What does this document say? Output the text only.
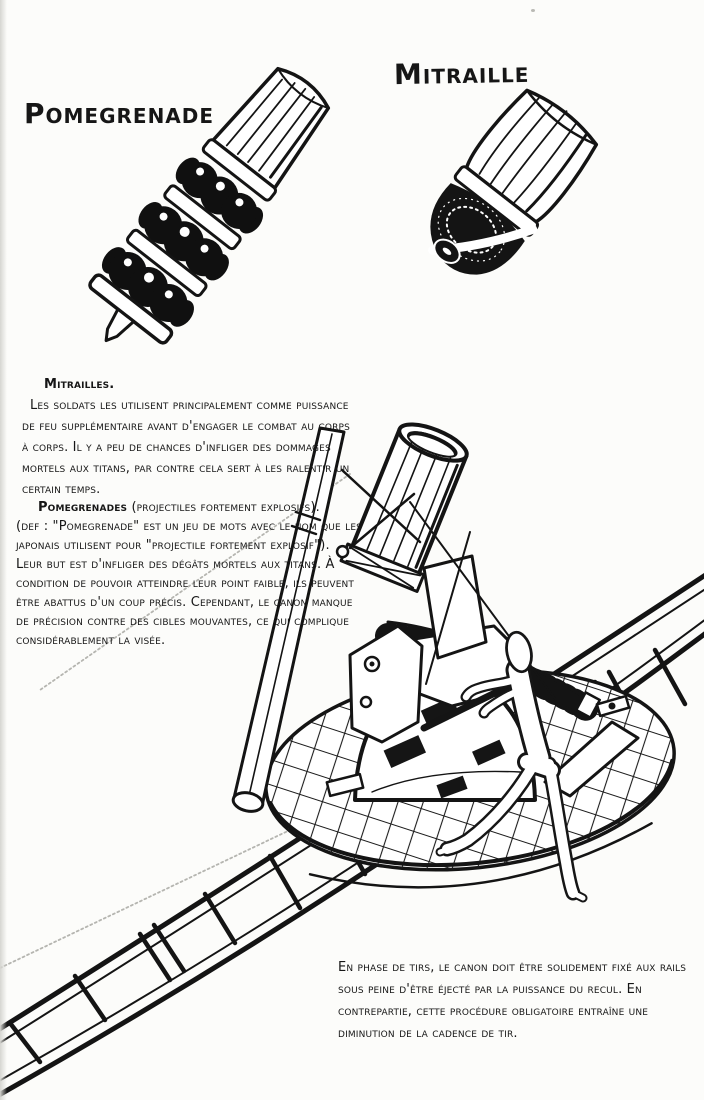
Pomegrenade
Mitraille
Mitrailles.
Les soldats les utilisent principalement comme puissance de feu supplémentaire avant d'engager le combat au corps à corps. Il y a peu de chances d'infliger des dommages mortels aux titans, par contre cela sert à les ralentir un certain temps.
Pomegrenades (projectiles fortement explosifs).
(def : "Pomegrenade" est un jeu de mots avec le nom que les japonais utilisent pour "projectile fortement explosif").
Leur but est d'infliger des dégâts mortels aux titans. À condition de pouvoir atteindre leur point faible, ils peuvent être abattus d'un coup précis. Cependant, le canon manque de précision contre des cibles mouvantes, ce qui complique considérablement la visée.
En phase de tirs, le canon doit être solidement fixé aux rails sous peine d'être éjecté par la puissance du recul. En contrepartie, cette procédure obligatoire entraîne une diminution de la cadence de tir.
